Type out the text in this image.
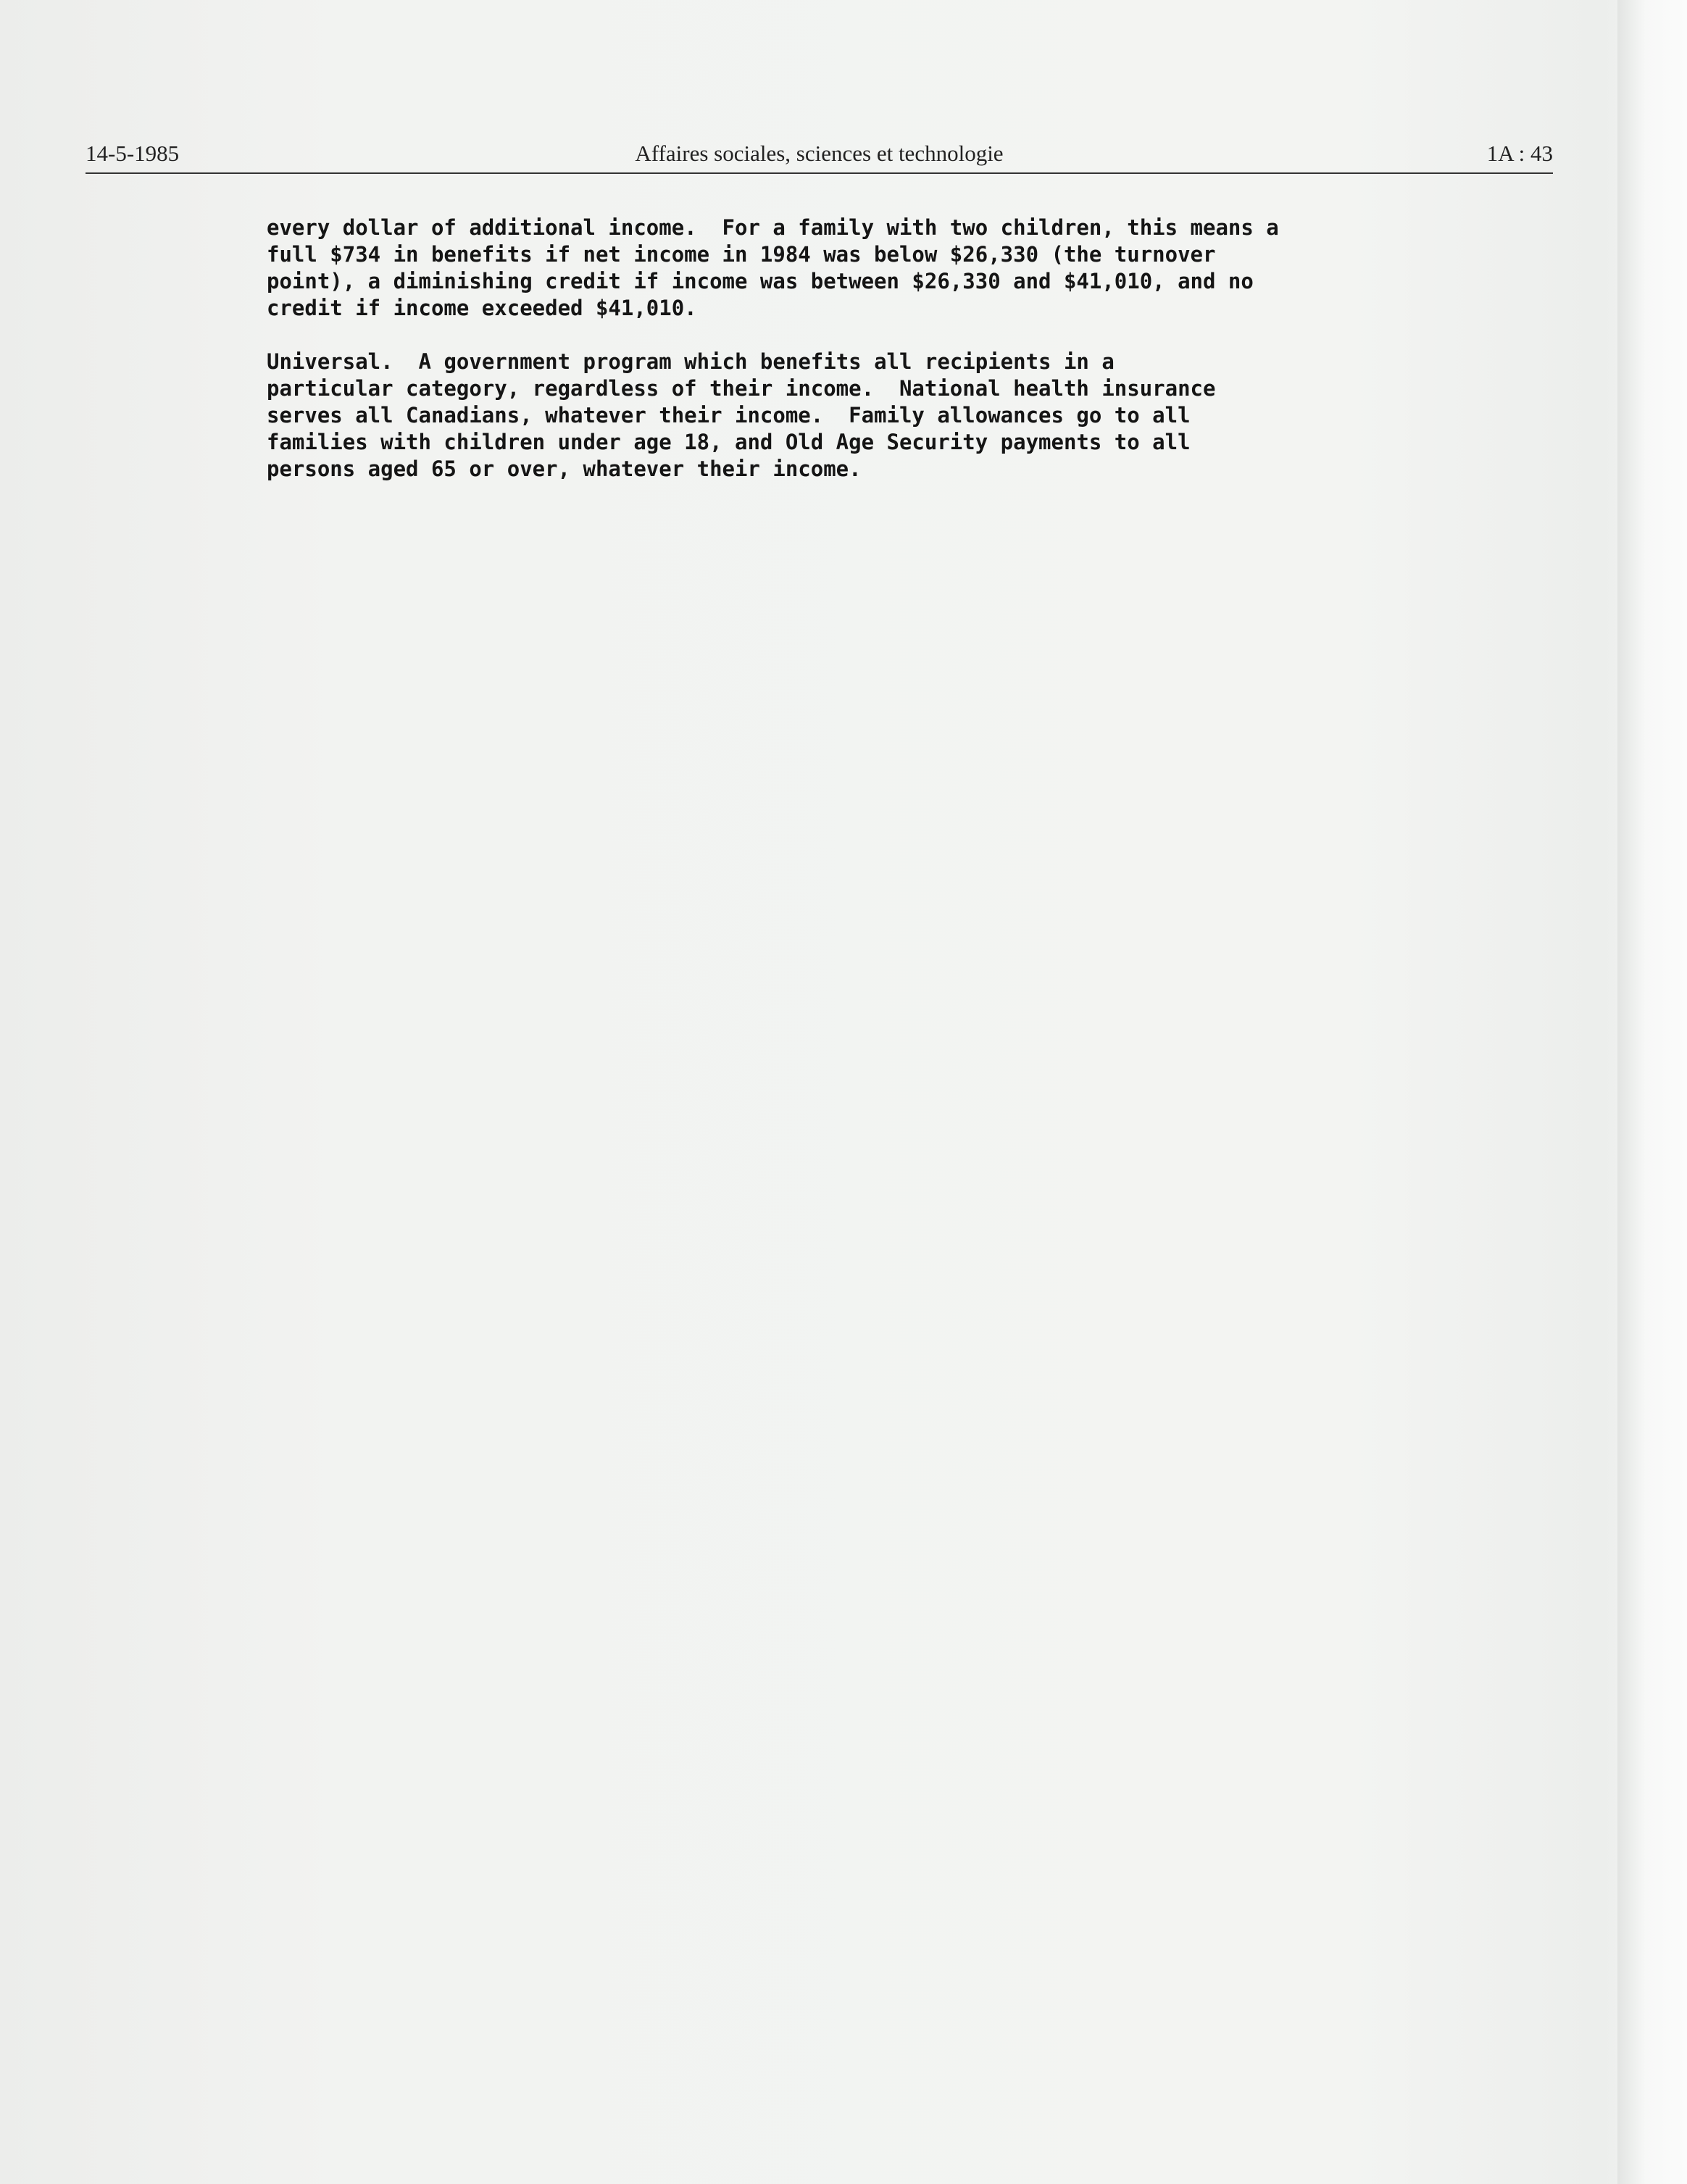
14-5-1985	Affaires sociales, sciences et technologie	1A : 43
every dollar of additional income.  For a family with two children, this means a
full $734 in benefits if net income in 1984 was below $26,330 (the turnover
point), a diminishing credit if income was between $26,330 and $41,010, and no
credit if income exceeded $41,010.
Universal.  A government program which benefits all recipients in a
particular category, regardless of their income.  National health insurance
serves all Canadians, whatever their income.  Family allowances go to all
families with children under age 18, and Old Age Security payments to all
persons aged 65 or over, whatever their income.
